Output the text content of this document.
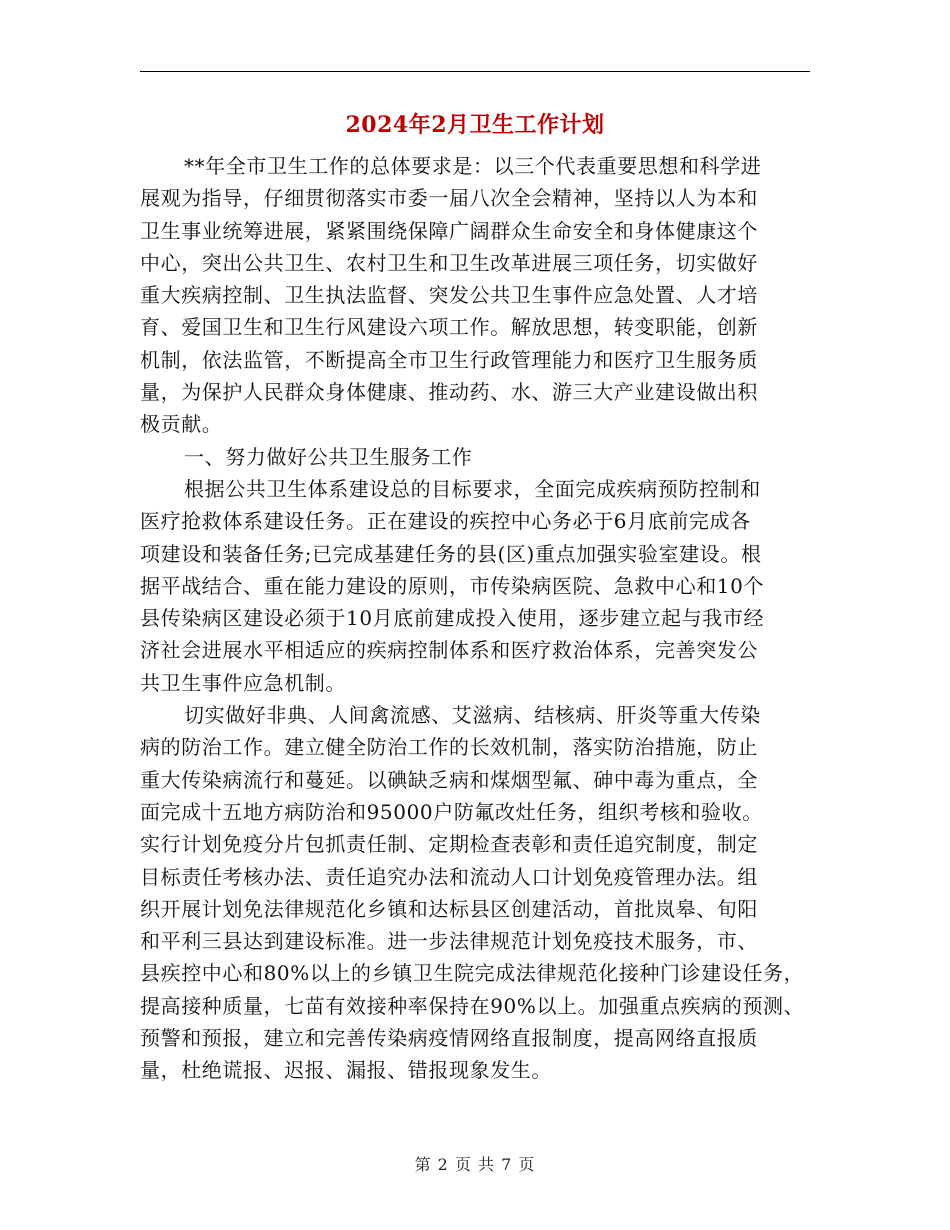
2024年2月卫生工作计划
**年全市卫生工作的总体要求是：以三个代表重要思想和科学进
展观为指导，仔细贯彻落实市委一届八次全会精神，坚持以人为本和
卫生事业统筹进展，紧紧围绕保障广阔群众生命安全和身体健康这个
中心，突出公共卫生、农村卫生和卫生改革进展三项任务，切实做好
重大疾病控制、卫生执法监督、突发公共卫生事件应急处置、人才培
育、爱国卫生和卫生行风建设六项工作。解放思想，转变职能，创新
机制，依法监管，不断提高全市卫生行政管理能力和医疗卫生服务质
量，为保护人民群众身体健康、推动药、水、游三大产业建设做出积
极贡献。
一、努力做好公共卫生服务工作
根据公共卫生体系建设总的目标要求，全面完成疾病预防控制和
医疗抢救体系建设任务。正在建设的疾控中心务必于6月底前完成各
项建设和装备任务;已完成基建任务的县(区)重点加强实验室建设。根
据平战结合、重在能力建设的原则，市传染病医院、急救中心和10个
县传染病区建设必须于10月底前建成投入使用，逐步建立起与我市经
济社会进展水平相适应的疾病控制体系和医疗救治体系，完善突发公
共卫生事件应急机制。
切实做好非典、人间禽流感、艾滋病、结核病、肝炎等重大传染
病的防治工作。建立健全防治工作的长效机制，落实防治措施，防止
重大传染病流行和蔓延。以碘缺乏病和煤烟型氟、砷中毒为重点，全
面完成十五地方病防治和95000户防氟改灶任务，组织考核和验收。
实行计划免疫分片包抓责任制、定期检查表彰和责任追究制度，制定
目标责任考核办法、责任追究办法和流动人口计划免疫管理办法。组
织开展计划免法律规范化乡镇和达标县区创建活动，首批岚皋、旬阳
和平利三县达到建设标准。进一步法律规范计划免疫技术服务，市、
县疾控中心和80%以上的乡镇卫生院完成法律规范化接种门诊建设任务，
提高接种质量，七苗有效接种率保持在90%以上。加强重点疾病的预测、
预警和预报，建立和完善传染病疫情网络直报制度，提高网络直报质
量，杜绝谎报、迟报、漏报、错报现象发生。
第 2 页 共 7 页
